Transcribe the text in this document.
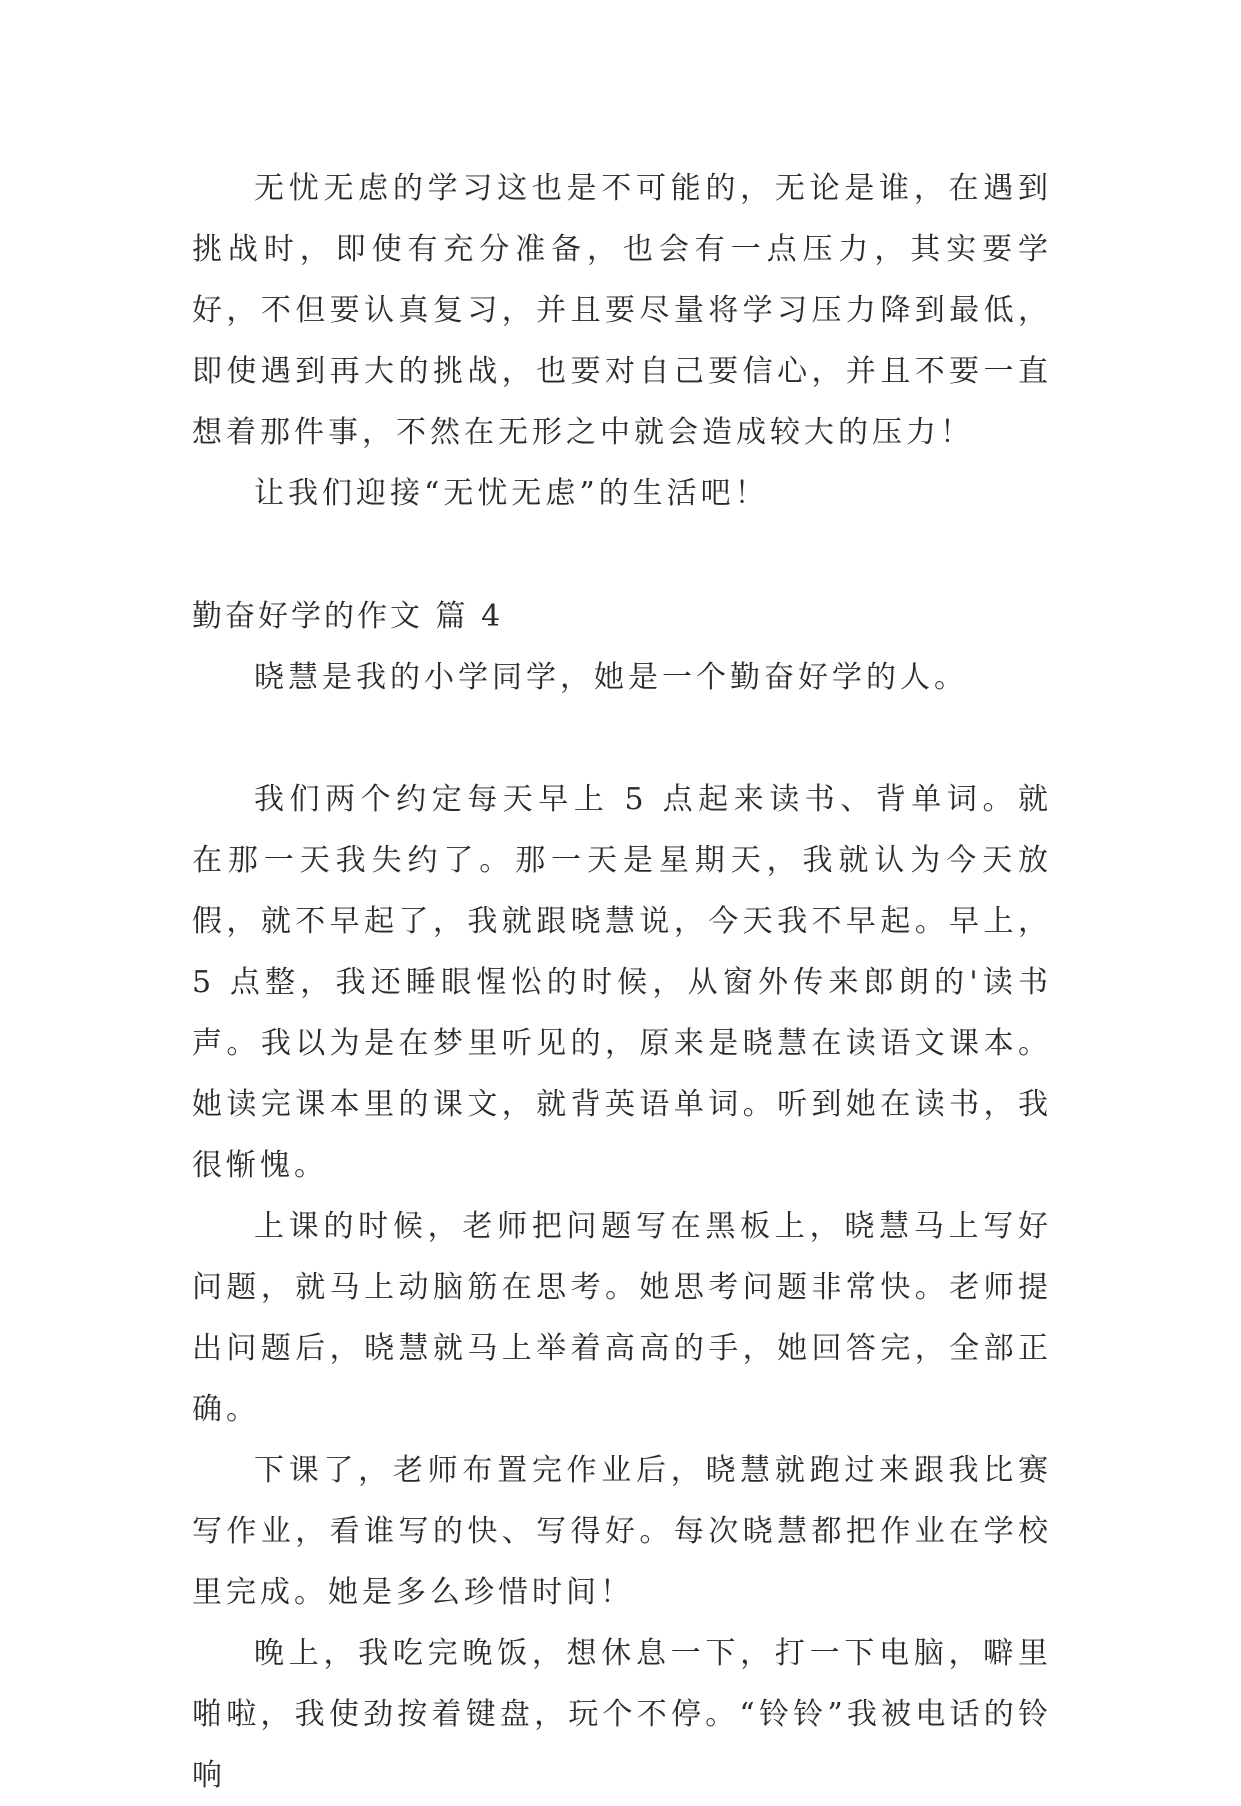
无忧无虑的学习这也是不可能的，无论是谁，在遇到挑战时，即使有充分准备，也会有一点压力，其实要学好，不但要认真复习，并且要尽量将学习压力降到最低，即使遇到再大的挑战，也要对自己要信心，并且不要一直想着那件事，不然在无形之中就会造成较大的压力！

让我们迎接“无忧无虑”的生活吧！

勤奋好学的作文 篇 4

晓慧是我的小学同学，她是一个勤奋好学的人。

我们两个约定每天早上 5 点起来读书、背单词。就在那一天我失约了。那一天是星期天，我就认为今天放假，就不早起了，我就跟晓慧说，今天我不早起。早上，5 点整，我还睡眼惺忪的时候，从窗外传来郎朗的'读书声。我以为是在梦里听见的，原来是晓慧在读语文课本。她读完课本里的课文，就背英语单词。听到她在读书，我很惭愧。

上课的时候，老师把问题写在黑板上，晓慧马上写好问题，就马上动脑筋在思考。她思考问题非常快。老师提出问题后，晓慧就马上举着高高的手，她回答完，全部正确。

下课了，老师布置完作业后，晓慧就跑过来跟我比赛写作业，看谁写的快、写得好。每次晓慧都把作业在学校里完成。她是多么珍惜时间！

晚上，我吃完晚饭，想休息一下，打一下电脑，噼里啪啦，我使劲按着键盘，玩个不停。“铃铃”我被电话的铃响
